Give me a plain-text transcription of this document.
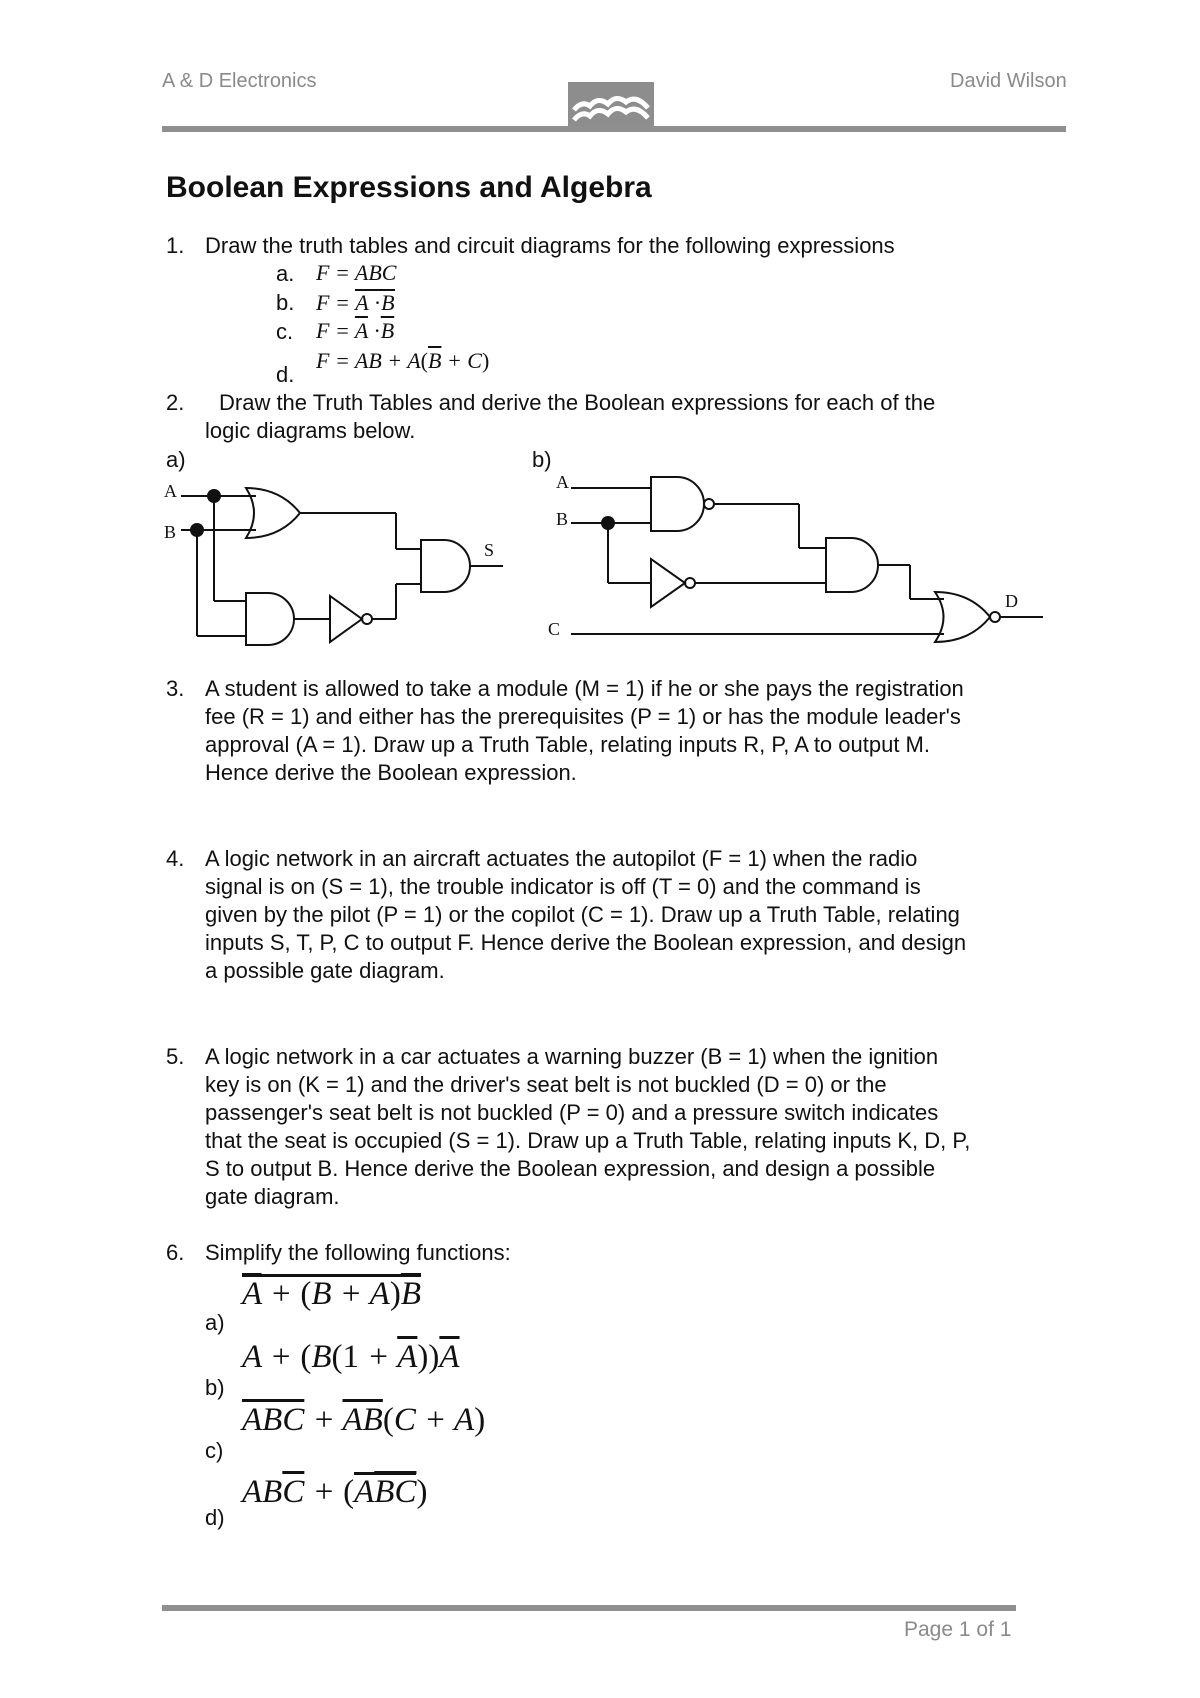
A & D Electronics	David Wilson
Boolean Expressions and Algebra
1. Draw the truth tables and circuit diagrams for the following expressions
a. F = ABC
b. F = A ·B
c. $F = \overline{A} \cdot\overline{B}$
d.
F = AB + $A(\overline{B} + C)$
2. Draw the Truth Tables and derive the Boolean expressions for each of the
logic diagrams below.
a)	b)
A
B
S
A
B
C
D
3. A student is allowed to take a module (M = 1) if he or she pays the registration
fee (R = 1) and either has the prerequisites (P = 1) or has the module leader's
approval (A = 1). Draw up a Truth Table, relating inputs R, P, A to output M.
Hence derive the Boolean expression.
4. A logic network in an aircraft actuates the autopilot (F = 1) when the radio
signal is on (S = 1), the trouble indicator is off (T = 0) and the command is
given by the pilot (P = 1) or the copilot (C = 1). Draw up a Truth Table, relating
inputs S, T, P, C to output F. Hence derive the Boolean expression, and design
a possible gate diagram.
5. A logic network in a car actuates a warning buzzer (B = 1) when the ignition
key is on (K = 1) and the driver's seat belt is not buckled (D = 0) or the
passenger's seat belt is not buckled (P = 0) and a pressure switch indicates
that the seat is occupied (S = 1). Draw up a Truth Table, relating inputs K, D, P,
S to output B. Hence derive the Boolean expression, and design a possible
gate diagram.
6. Simplify the following functions:
a)
$\overline{A} + (B + A)\overline{B}$
b)
$A + (B(1 + \overline{A}))\overline{A}$
c)
$\overline{ABC} + \overline{AB}(C + A)$
d)
$AB\overline{C} + (A\overline{BC})$
Page 1 of 1
